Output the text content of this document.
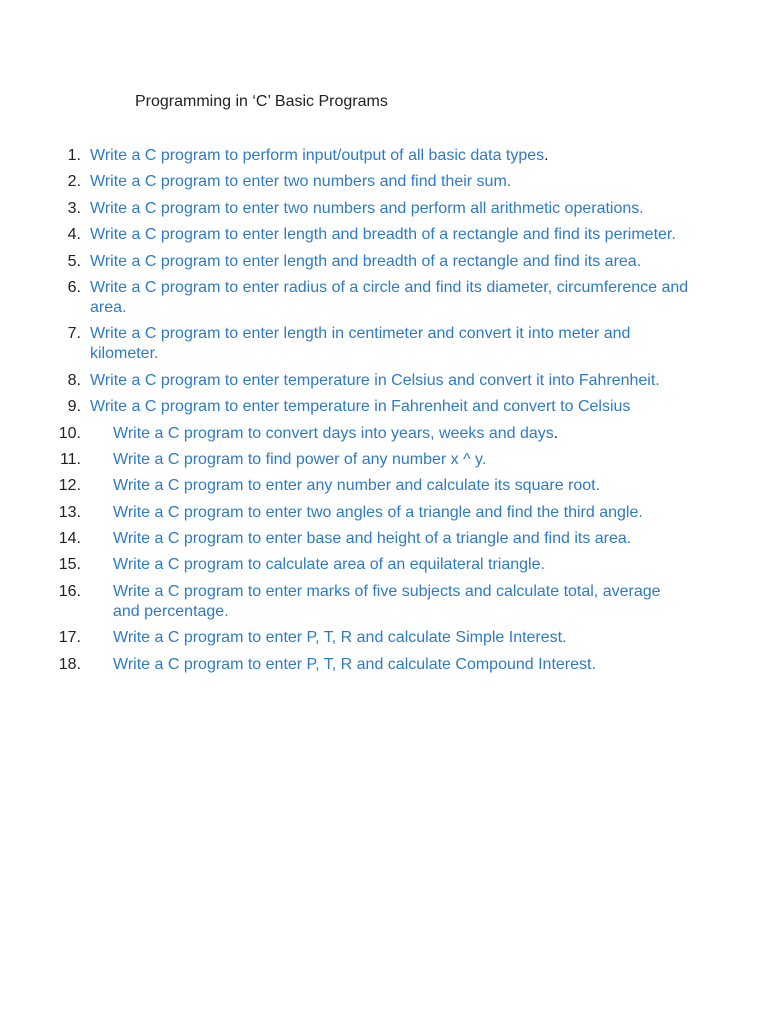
Programming in ‘C’ Basic Programs
1. Write a C program to perform input/output of all basic data types.
2. Write a C program to enter two numbers and find their sum.
3. Write a C program to enter two numbers and perform all arithmetic operations.
4. Write a C program to enter length and breadth of a rectangle and find its perimeter.
5. Write a C program to enter length and breadth of a rectangle and find its area.
6. Write a C program to enter radius of a circle and find its diameter, circumference and area.
7. Write a C program to enter length in centimeter and convert it into meter and kilometer.
8. Write a C program to enter temperature in Celsius and convert it into Fahrenheit.
9. Write a C program to enter temperature in Fahrenheit and convert to Celsius
10. Write a C program to convert days into years, weeks and days.
11. Write a C program to find power of any number x ^ y.
12. Write a C program to enter any number and calculate its square root.
13. Write a C program to enter two angles of a triangle and find the third angle.
14. Write a C program to enter base and height of a triangle and find its area.
15. Write a C program to calculate area of an equilateral triangle.
16. Write a C program to enter marks of five subjects and calculate total, average and percentage.
17. Write a C program to enter P, T, R and calculate Simple Interest.
18. Write a C program to enter P, T, R and calculate Compound Interest.
